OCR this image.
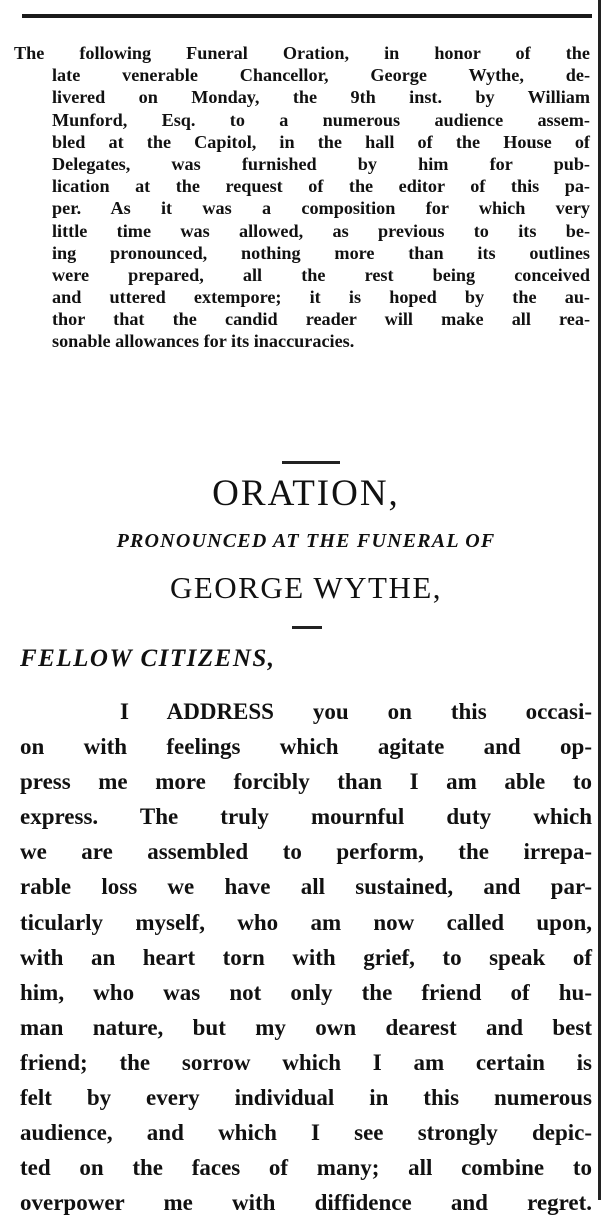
The following Funeral Oration, in honor of the
late venerable Chancellor, George Wythe, de-
livered on Monday, the 9th inst. by William
Munford, Esq. to a numerous audience assem-
bled at the Capitol, in the hall of the House of
Delegates, was furnished by him for pub-
lication at the request of the editor of this pa-
per. As it was a composition for which very
little time was allowed, as previous to its be-
ing pronounced, nothing more than its outlines
were prepared, all the rest being conceived
and uttered extempore; it is hoped by the au-
thor that the candid reader will make all rea-
sonable allowances for its inaccuracies.
ORATION,
PRONOUNCED AT THE FUNERAL OF
GEORGE WYTHE,
FELLOW CITIZENS,
I ADDRESS you on this occasi-
on with feelings which agitate and op-
press me more forcibly than I am able to
express. The truly mournful duty which
we are assembled to perform, the irrepa-
rable loss we have all sustained, and par-
ticularly myself, who am now called upon,
with an heart torn with grief, to speak of
him, who was not only the friend of hu-
man nature, but my own dearest and best
friend; the sorrow which I am certain is
felt by every individual in this numerous
audience, and which I see strongly depic-
ted on the faces of many; all combine to
overpower me with diffidence and regret.
